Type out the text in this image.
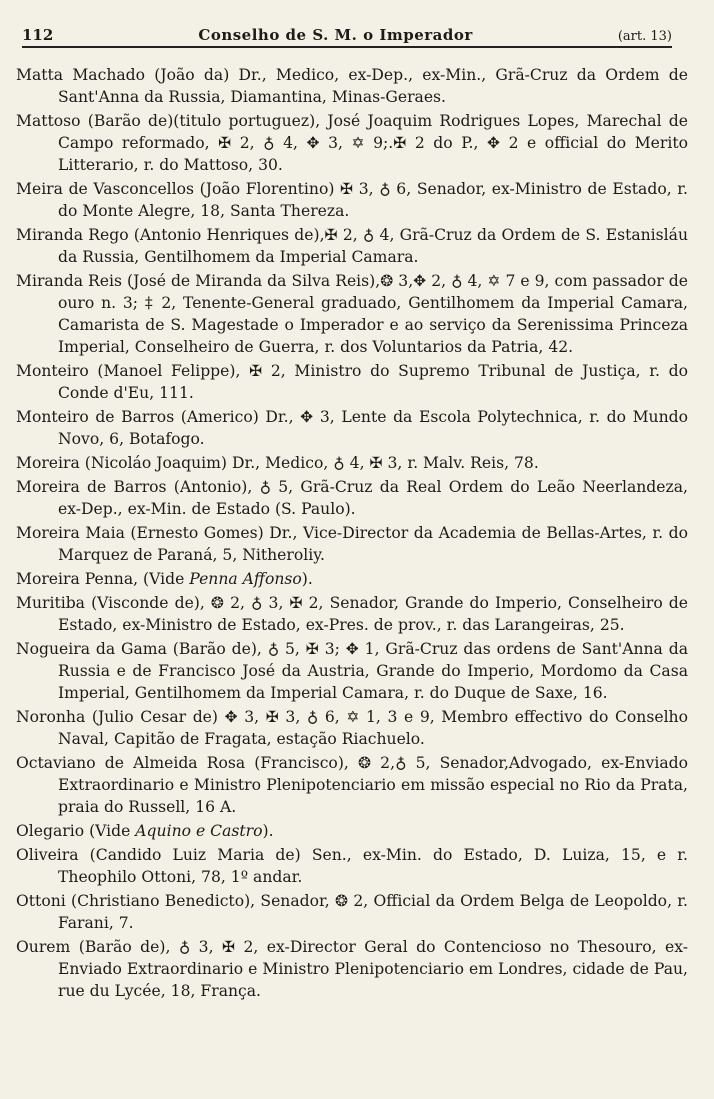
112	Conselho de S. M. o Imperador	(art. 13)

Matta Machado (João da) Dr., Medico, ex-Dep., ex-Min., Grã-Cruz da Ordem de Sant'Anna da Russia, Diamantina, Minas-Geraes.

Mattoso (Barão de)(titulo portuguez), José Joaquim Rodrigues Lopes, Marechal de Campo reformado, ✠ 2, ♁ 4, ✥ 3, ✡ 9;.✠ 2 do P., ✥ 2 e official do Merito Litterario, r. do Mattoso, 30.

Meira de Vasconcellos (João Florentino) ✠ 3, ♁ 6, Senador, ex-Ministro de Estado, r. do Monte Alegre, 18, Santa Thereza.

Miranda Rego (Antonio Henriques de),✠ 2, ♁ 4, Grã-Cruz da Ordem de S. Estanisláu da Russia, Gentilhomem da Imperial Camara.

Miranda Reis (José de Miranda da Silva Reis),❂ 3,✥ 2, ♁ 4, ✡ 7 e 9, com passador de ouro n. 3; ‡ 2, Tenente-General graduado, Gentilhomem da Imperial Camara, Camarista de S. Magestade o Imperador e ao serviço da Serenissima Princeza Imperial, Conselheiro de Guerra, r. dos Voluntarios da Patria, 42.

Monteiro (Manoel Felippe), ✠ 2, Ministro do Supremo Tribunal de Justiça, r. do Conde d'Eu, 111.

Monteiro de Barros (Americo) Dr., ✥ 3, Lente da Escola Polytechnica, r. do Mundo Novo, 6, Botafogo.

Moreira (Nicoláo Joaquim) Dr., Medico, ♁ 4, ✠ 3, r. Malv. Reis, 78.

Moreira de Barros (Antonio), ♁ 5, Grã-Cruz da Real Ordem do Leão Neerlandeza, ex-Dep., ex-Min. de Estado (S. Paulo).

Moreira Maia (Ernesto Gomes) Dr., Vice-Director da Academia de Bellas-Artes, r. do Marquez de Paraná, 5, Nitheroliy.

Moreira Penna, (Vide Penna Affonso).

Muritiba (Visconde de), ❂ 2, ♁ 3, ✠ 2, Senador, Grande do Imperio, Conselheiro de Estado, ex-Ministro de Estado, ex-Pres. de prov., r. das Larangeiras, 25.

Nogueira da Gama (Barão de), ♁ 5, ✠ 3; ✥ 1, Grã-Cruz das ordens de Sant'Anna da Russia e de Francisco José da Austria, Grande do Imperio, Mordomo da Casa Imperial, Gentilhomem da Imperial Camara, r. do Duque de Saxe, 16.

Noronha (Julio Cesar de) ✥ 3, ✠ 3, ♁ 6, ✡ 1, 3 e 9, Membro effectivo do Conselho Naval, Capitão de Fragata, estação Riachuelo.

Octaviano de Almeida Rosa (Francisco), ❂ 2,♁ 5, Senador,Advogado, ex-Enviado Extraordinario e Ministro Plenipotenciario em missão especial no Rio da Prata, praia do Russell, 16 A.

Olegario (Vide Aquino e Castro).

Oliveira (Candido Luiz Maria de) Sen., ex-Min. do Estado, D. Luiza, 15, e r. Theophilo Ottoni, 78, 1º andar.

Ottoni (Christiano Benedicto), Senador, ❂ 2, Official da Ordem Belga de Leopoldo, r. Farani, 7.

Ourem (Barão de), ♁ 3, ✠ 2, ex-Director Geral do Contencioso no Thesouro, ex-Enviado Extraordinario e Ministro Plenipotenciario em Londres, cidade de Pau, rue du Lycée, 18, França.
